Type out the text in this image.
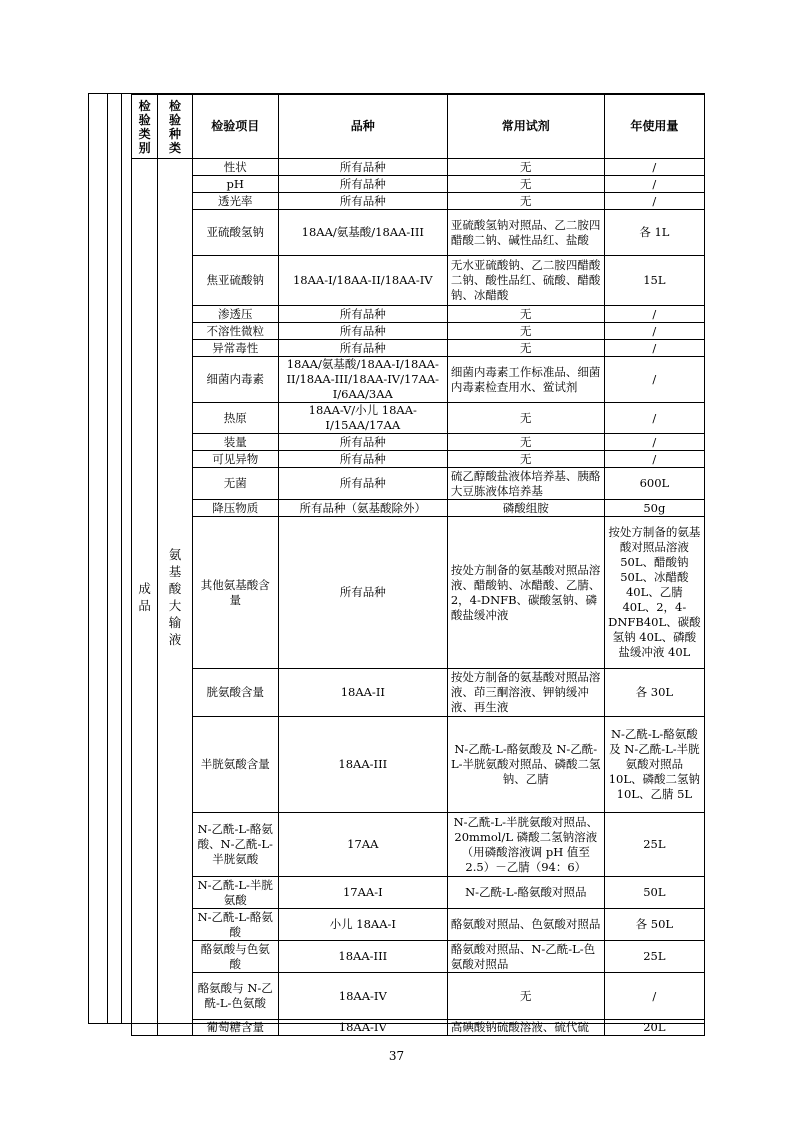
检验类别	检验种类	检验项目	品种	常用试剂	年使用量

成品	氨基酸大输液	性状	所有品种	无	/
		pH	所有品种	无	/
		透光率	所有品种	无	/
		亚硫酸氢钠	18AA/氨基酸/18AA-III	亚硫酸氢钠对照品、乙二胺四醋酸二钠、碱性品红、盐酸	各 1L
		焦亚硫酸钠	18AA-I/18AA-II/18AA-IV	无水亚硫酸钠、乙二胺四醋酸二钠、酸性品红、硫酸、醋酸钠、冰醋酸	15L
		渗透压	所有品种	无	/
		不溶性微粒	所有品种	无	/
		异常毒性	所有品种	无	/
		细菌内毒素	18AA/氨基酸/18AA-I/18AA-II/18AA-III/18AA-IV/17AA-I/6AA/3AA	细菌内毒素工作标准品、细菌内毒素检查用水、鲎试剂	/
		热原	18AA-V/小儿 18AA-I/15AA/17AA	无	/
		装量	所有品种	无	/
		可见异物	所有品种	无	/
		无菌	所有品种	硫乙醇酸盐液体培养基、胰酪大豆胨液体培养基	600L
		降压物质	所有品种（氨基酸除外）	磷酸组胺	50g
		其他氨基酸含量	所有品种	按处方制备的氨基酸对照品溶液、醋酸钠、冰醋酸、乙腈、2，4-DNFB、碳酸氢钠、磷酸盐缓冲液	按处方制备的氨基酸对照品溶液 50L、醋酸钠 50L、冰醋酸 40L、乙腈 40L、2，4-DNFB40L、碳酸氢钠 40L、磷酸盐缓冲液 40L
		胱氨酸含量	18AA-II	按处方制备的氨基酸对照品溶液、茚三酮溶液、钾钠缓冲液、再生液	各 30L
		半胱氨酸含量	18AA-III	N-乙酰-L-酪氨酸及 N-乙酰-L-半胱氨酸对照品、磷酸二氢钠、乙腈	N-乙酰-L-酪氨酸及 N-乙酰-L-半胱氨酸对照品 10L、磷酸二氢钠 10L、乙腈 5L
		N-乙酰-L-酪氨酸、N-乙酰-L-半胱氨酸	17AA	N-乙酰-L-半胱氨酸对照品、20mmol/L 磷酸二氢钠溶液（用磷酸溶液调 pH 值至 2.5）－乙腈（94：6）	25L
		N-乙酰-L-半胱氨酸	17AA-I	N-乙酰-L-酪氨酸对照品	50L
		N-乙酰-L-酪氨酸	小儿 18AA-I	酪氨酸对照品、色氨酸对照品	各 50L
		酪氨酸与色氨酸	18AA-III	酪氨酸对照品、N-乙酰-L-色氨酸对照品	25L
		酪氨酸与 N-乙酰-L-色氨酸	18AA-IV	无	/
		葡萄糖含量	18AA-IV	高碘酸钠硫酸溶液、硫代硫	20L
37
